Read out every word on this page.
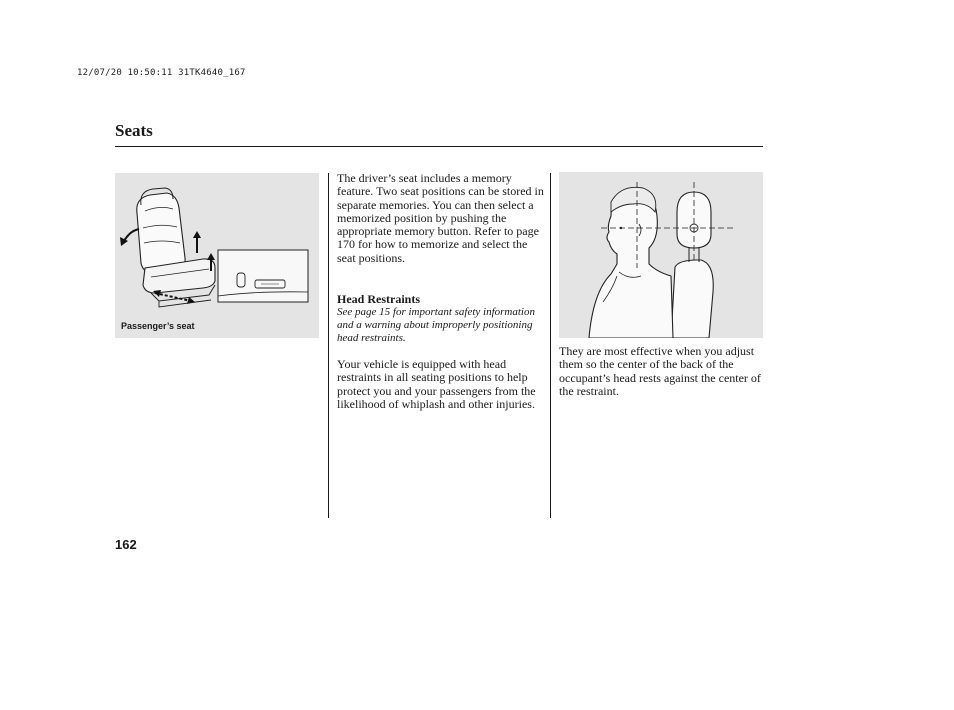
12/07/20 10:50:11 31TK4640_167
Seats
Passenger’s seat

The driver’s seat includes a memory feature. Two seat positions can be stored in separate memories. You can then select a memorized position by pushing the appropriate memory button. Refer to page 170 for how to memorize and select the seat positions.

Head Restraints
See page 15 for important safety information and a warning about improperly positioning head restraints.

Your vehicle is equipped with head restraints in all seating positions to help protect you and your passengers from the likelihood of whiplash and other injuries.

They are most effective when you adjust them so the center of the back of the occupant’s head rests against the center of the restraint.

162
